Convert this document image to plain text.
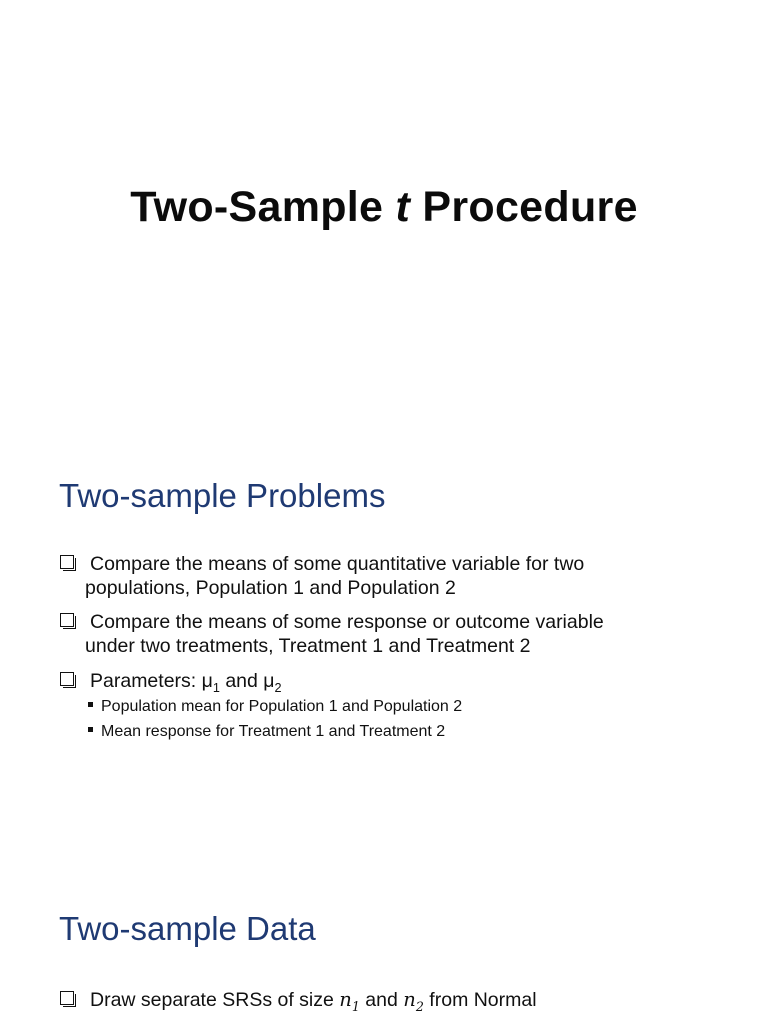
Two-Sample t Procedure
Two-sample Problems
Compare the means of some quantitative variable for two
populations, Population 1 and Population 2
Compare the means of some response or outcome variable
under two treatments, Treatment 1 and Treatment 2
Parameters: $\mu_1$ and $\mu_2$
Population mean for Population 1 and Population 2
Mean response for Treatment 1 and Treatment 2
Two-sample Data
Draw separate SRSs of size $n_1$ and $n_2$ from Normal
